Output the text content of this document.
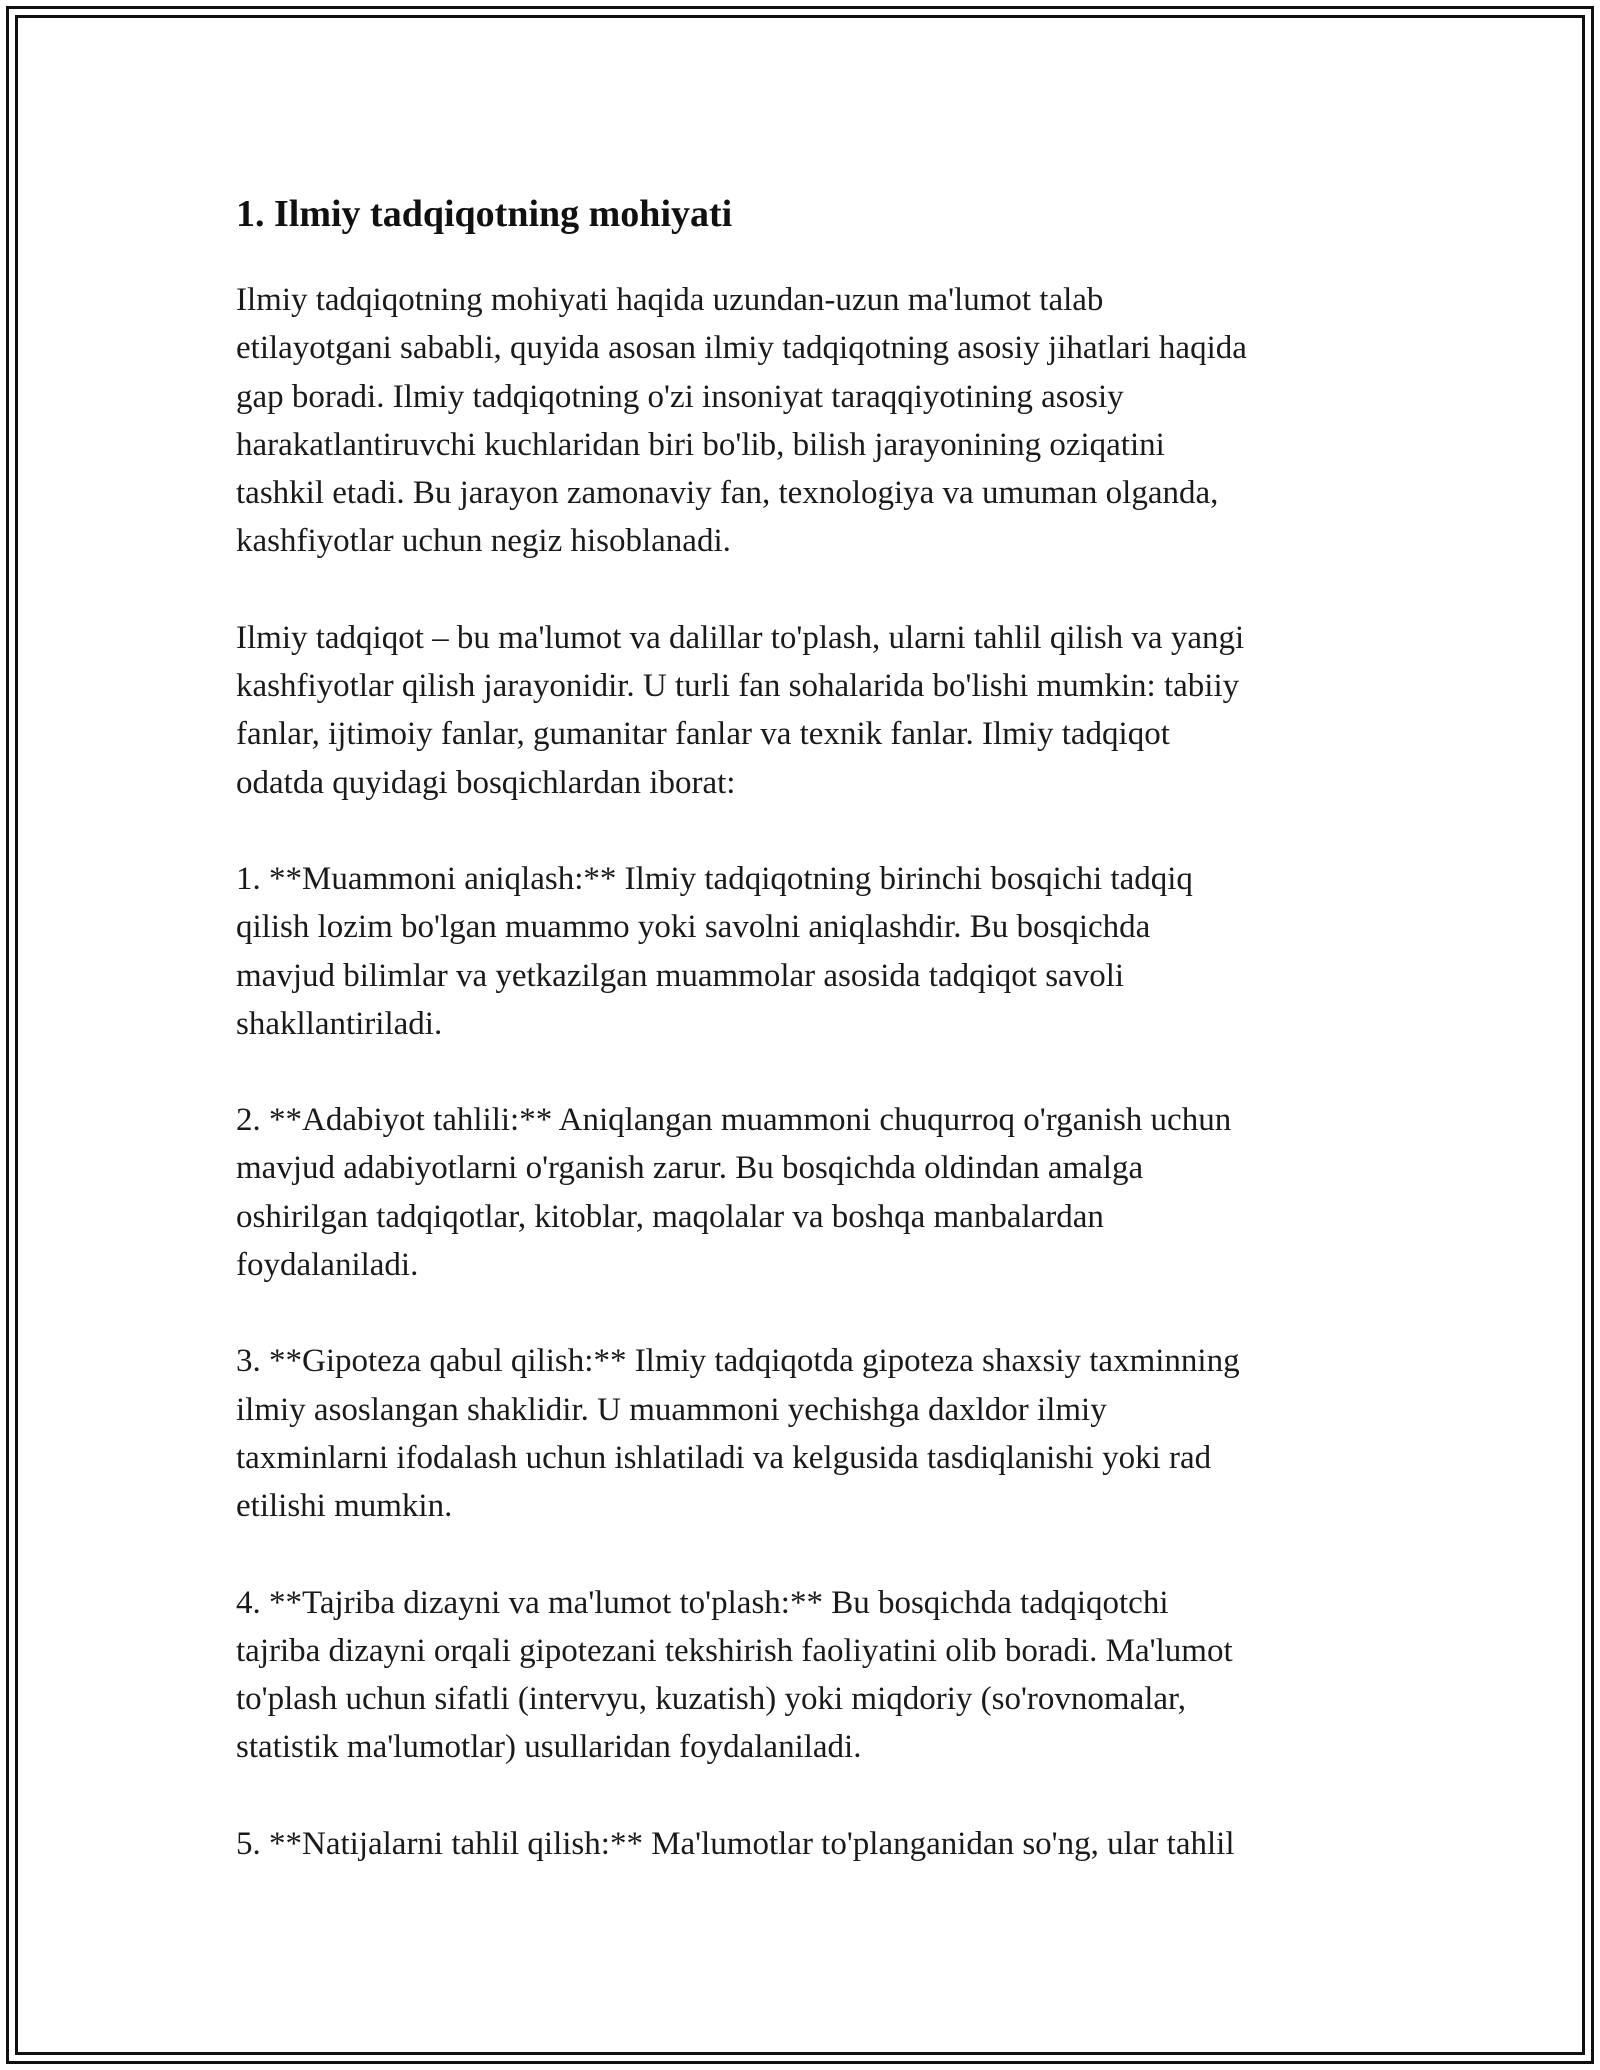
1. Ilmiy tadqiqotning mohiyati

Ilmiy tadqiqotning mohiyati haqida uzundan-uzun ma'lumot talab
etilayotgani sababli, quyida asosan ilmiy tadqiqotning asosiy jihatlari haqida
gap boradi. Ilmiy tadqiqotning o'zi insoniyat taraqqiyotining asosiy
harakatlantiruvchi kuchlaridan biri bo'lib, bilish jarayonining oziqatini
tashkil etadi. Bu jarayon zamonaviy fan, texnologiya va umuman olganda,
kashfiyotlar uchun negiz hisoblanadi.

Ilmiy tadqiqot – bu ma'lumot va dalillar to'plash, ularni tahlil qilish va yangi
kashfiyotlar qilish jarayonidir. U turli fan sohalarida bo'lishi mumkin: tabiiy
fanlar, ijtimoiy fanlar, gumanitar fanlar va texnik fanlar. Ilmiy tadqiqot
odatda quyidagi bosqichlardan iborat:

1. **Muammoni aniqlash:** Ilmiy tadqiqotning birinchi bosqichi tadqiq
qilish lozim bo'lgan muammo yoki savolni aniqlashdir. Bu bosqichda
mavjud bilimlar va yetkazilgan muammolar asosida tadqiqot savoli
shakllantiriladi.

2. **Adabiyot tahlili:** Aniqlangan muammoni chuqurroq o'rganish uchun
mavjud adabiyotlarni o'rganish zarur. Bu bosqichda oldindan amalga
oshirilgan tadqiqotlar, kitoblar, maqolalar va boshqa manbalardan
foydalaniladi.

3. **Gipoteza qabul qilish:** Ilmiy tadqiqotda gipoteza shaxsiy taxminning
ilmiy asoslangan shaklidir. U muammoni yechishga daxldor ilmiy
taxminlarni ifodalash uchun ishlatiladi va kelgusida tasdiqlanishi yoki rad
etilishi mumkin.

4. **Tajriba dizayni va ma'lumot to'plash:** Bu bosqichda tadqiqotchi
tajriba dizayni orqali gipotezani tekshirish faoliyatini olib boradi. Ma'lumot
to'plash uchun sifatli (intervyu, kuzatish) yoki miqdoriy (so'rovnomalar,
statistik ma'lumotlar) usullaridan foydalaniladi.

5. **Natijalarni tahlil qilish:** Ma'lumotlar to'planganidan so'ng, ular tahlil
